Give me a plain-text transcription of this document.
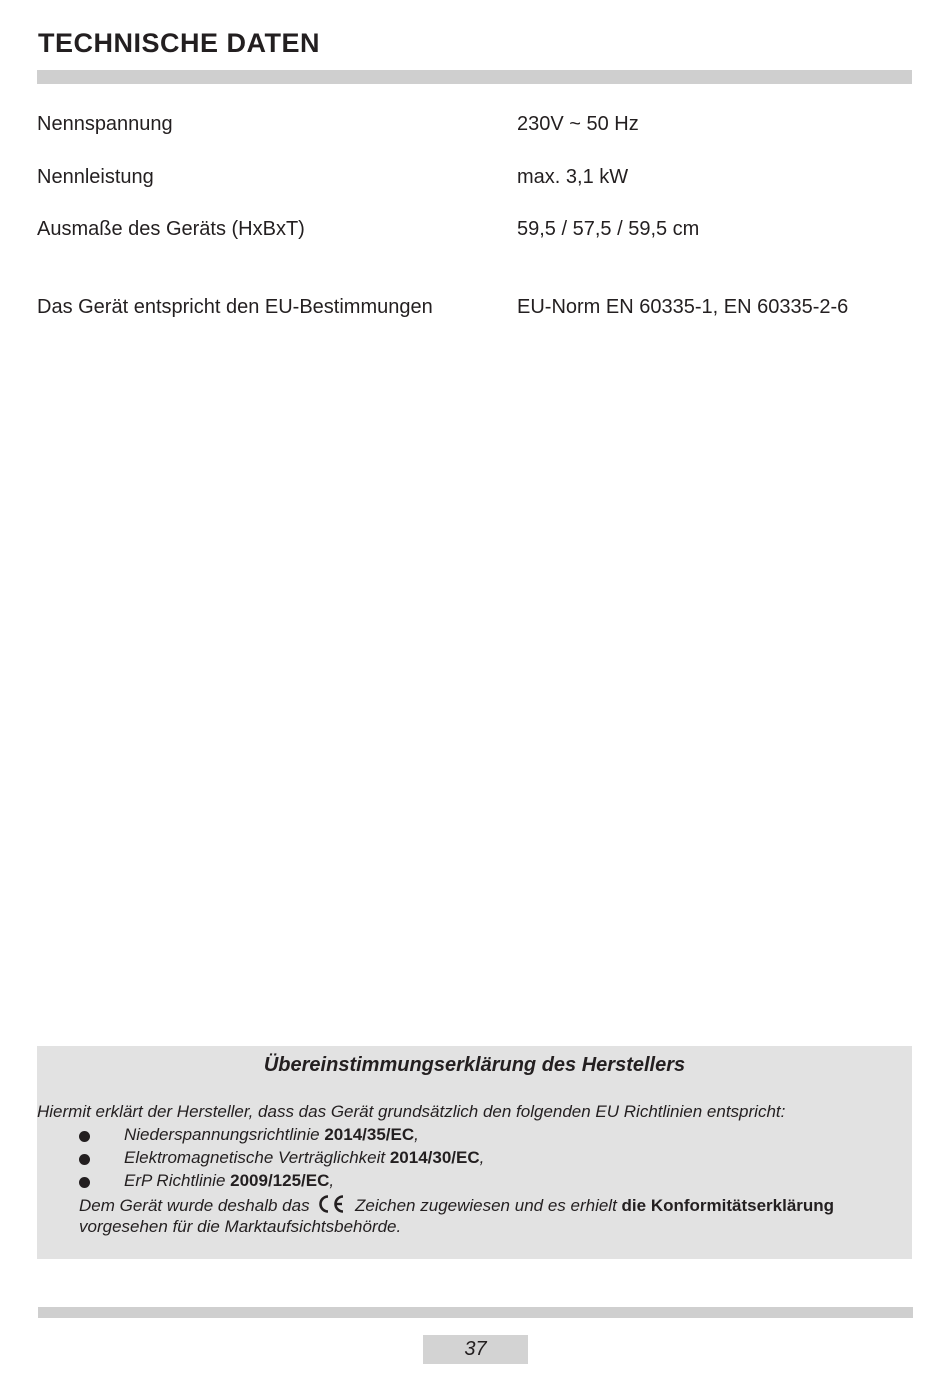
TECHNISCHE DATEN
Nennspannung	230V ~ 50 Hz
Nennleistung	max. 3,1 kW
Ausmaße des Geräts (HxBxT)	59,5 / 57,5 / 59,5 cm
Das Gerät entspricht den EU-Bestimmungen	EU-Norm EN 60335-1, EN 60335-2-6
Übereinstimmungserklärung des Herstellers
Hiermit erklärt der Hersteller, dass das Gerät grundsätzlich den folgenden EU Richtlinien entspricht:
Niederspannungsrichtlinie 2014/35/EC,
Elektromagnetische Verträglichkeit 2014/30/EC,
ErP Richtlinie 2009/125/EC,
Dem Gerät wurde deshalb das	Zeichen zugewiesen und es erhielt die Konformitätserklärung
vorgesehen für die Marktaufsichtsbehörde.
37
